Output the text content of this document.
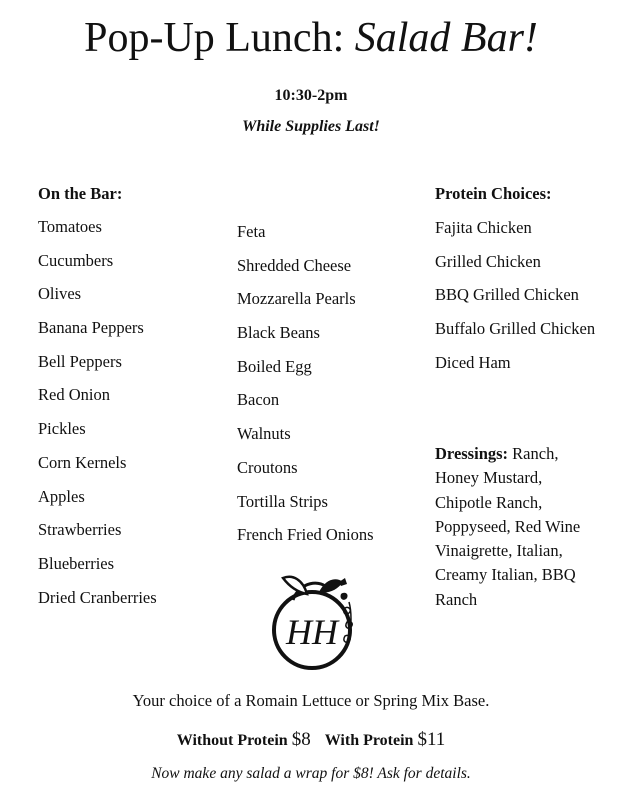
Pop-Up Lunch: Salad Bar!
10:30-2pm
While Supplies Last!
On the Bar:
Tomatoes
Cucumbers
Olives
Banana Peppers
Bell Peppers
Red Onion
Pickles
Corn Kernels
Apples
Strawberries
Blueberries
Dried Cranberries
Feta
Shredded Cheese
Mozzarella Pearls
Black Beans
Boiled Egg
Bacon
Walnuts
Croutons
Tortilla Strips
French Fried Onions
Protein Choices:
Fajita Chicken
Grilled Chicken
BBQ Grilled Chicken
Buffalo Grilled Chicken
Diced Ham
Dressings: Ranch, Honey Mustard, Chipotle Ranch, Poppyseed, Red Wine Vinaigrette, Italian, Creamy Italian, BBQ Ranch
HH
Your choice of a Romain Lettuce or Spring Mix Base.
Without Protein $8 With Protein $11
Now make any salad a wrap for $8! Ask for details.
